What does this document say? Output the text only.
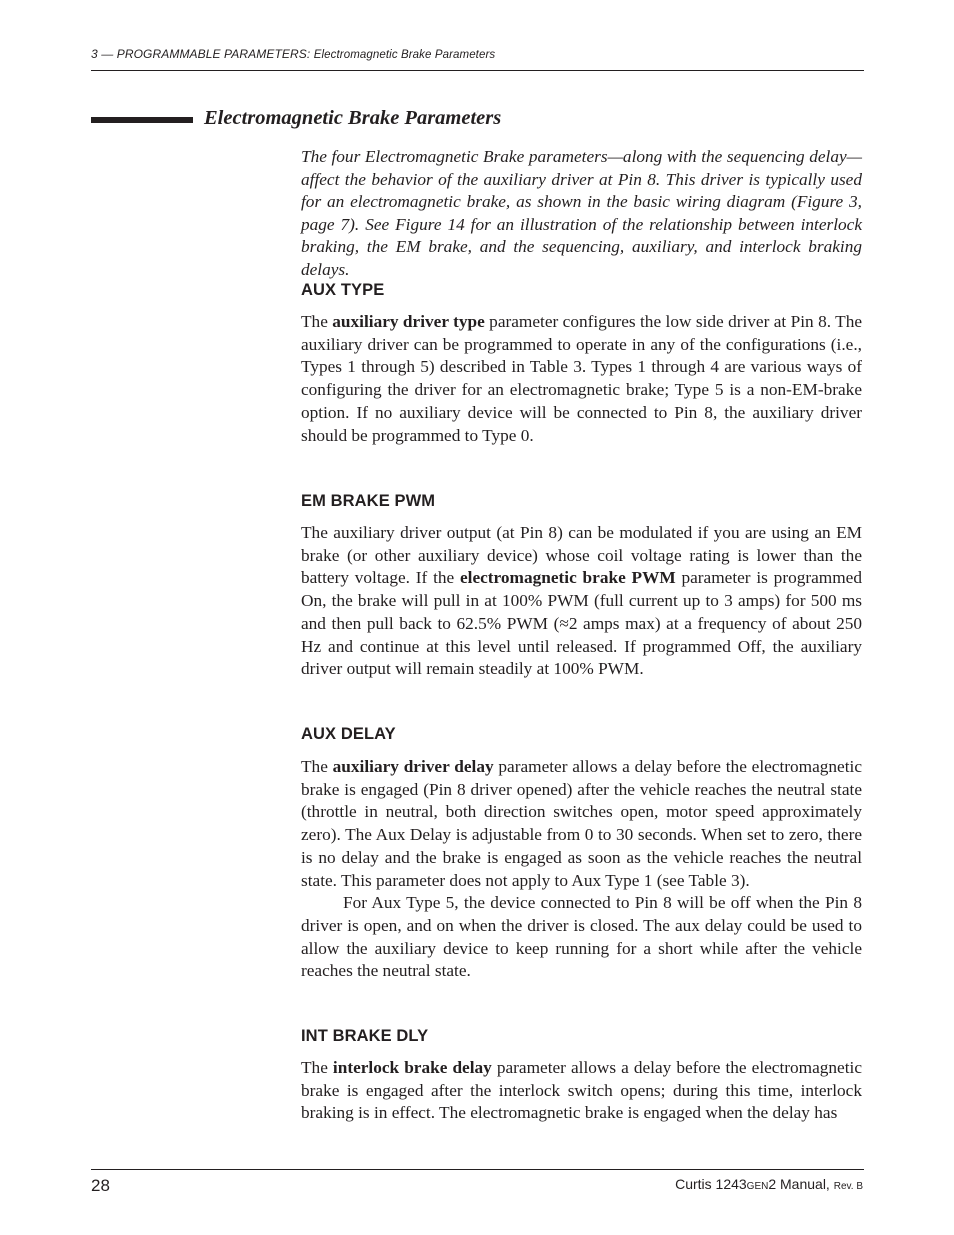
3 — PROGRAMMABLE PARAMETERS: Electromagnetic Brake Parameters
Electromagnetic Brake Parameters
The four Electromagnetic Brake parameters—along with the sequencing delay—affect the behavior of the auxiliary driver at Pin 8. This driver is typically used for an electromagnetic brake, as shown in the basic wiring diagram (Figure 3, page 7). See Figure 14 for an illustration of the relationship between interlock braking, the EM brake, and the sequencing, auxiliary, and interlock braking delays.
AUX TYPE

The auxiliary driver type parameter configures the low side driver at Pin 8. The auxiliary driver can be programmed to operate in any of the configurations (i.e., Types 1 through 5) described in Table 3. Types 1 through 4 are various ways of configuring the driver for an electromagnetic brake; Type 5 is a non-EM-brake option. If no auxiliary device will be connected to Pin 8, the auxiliary driver should be programmed to Type 0.

EM BRAKE PWM

The auxiliary driver output (at Pin 8) can be modulated if you are using an EM brake (or other auxiliary device) whose coil voltage rating is lower than the battery voltage. If the electromagnetic brake PWM parameter is programmed On, the brake will pull in at 100% PWM (full current up to 3 amps) for 500 ms and then pull back to 62.5% PWM (≈2 amps max) at a frequency of about 250 Hz and continue at this level until released. If programmed Off, the auxiliary driver output will remain steadily at 100% PWM.

AUX DELAY

The auxiliary driver delay parameter allows a delay before the electromagnetic brake is engaged (Pin 8 driver opened) after the vehicle reaches the neutral state (throttle in neutral, both direction switches open, motor speed approximately zero). The Aux Delay is adjustable from 0 to 30 seconds. When set to zero, there is no delay and the brake is engaged as soon as the vehicle reaches the neutral state. This parameter does not apply to Aux Type 1 (see Table 3).

For Aux Type 5, the device connected to Pin 8 will be off when the Pin 8 driver is open, and on when the driver is closed. The aux delay could be used to allow the auxiliary device to keep running for a short while after the vehicle reaches the neutral state.

INT BRAKE DLY

The interlock brake delay parameter allows a delay before the electromagnetic brake is engaged after the interlock switch opens; during this time, interlock braking is in effect. The electromagnetic brake is engaged when the delay has

28	Curtis 1243GEN2 Manual, Rev. B
